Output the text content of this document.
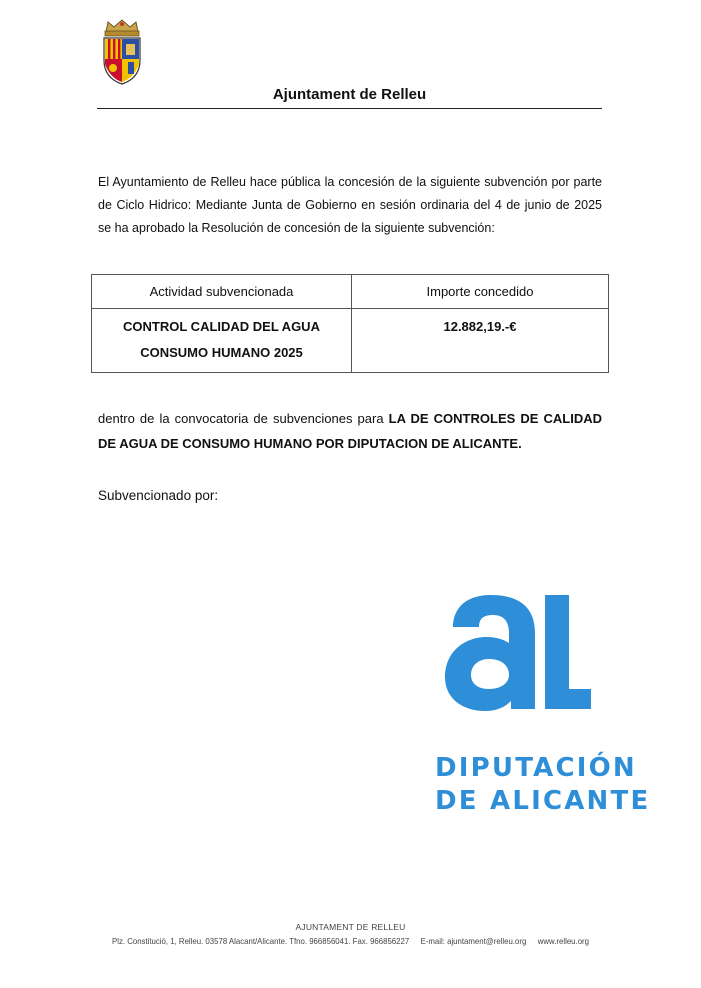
Ajuntament de Relleu

El Ayuntamiento de Relleu hace pública la concesión de la siguiente subvención por parte de Ciclo Hidrico: Mediante Junta de Gobierno en sesión ordinaria del 4 de junio de 2025 se ha aprobado la Resolución de concesión de la siguiente subvención:

Actividad subvencionada	Importe concedido

CONTROL CALIDAD DEL AGUA
CONSUMO HUMANO 2025	12.882,19.-€

dentro de la convocatoria de subvenciones para LA DE CONTROLES DE CALIDAD DE AGUA DE CONSUMO HUMANO POR DIPUTACION DE ALICANTE.

Subvencionado por:

DIPUTACIÓN
DE ALICANTE
AJUNTAMENT DE RELLEU
Plz. Constitució, 1, Relleu. 03578 Alacant/Alicante. Tfno. 966856041. Fax. 966856227 E-mail: ajuntament@relleu.org www.relleu.org
